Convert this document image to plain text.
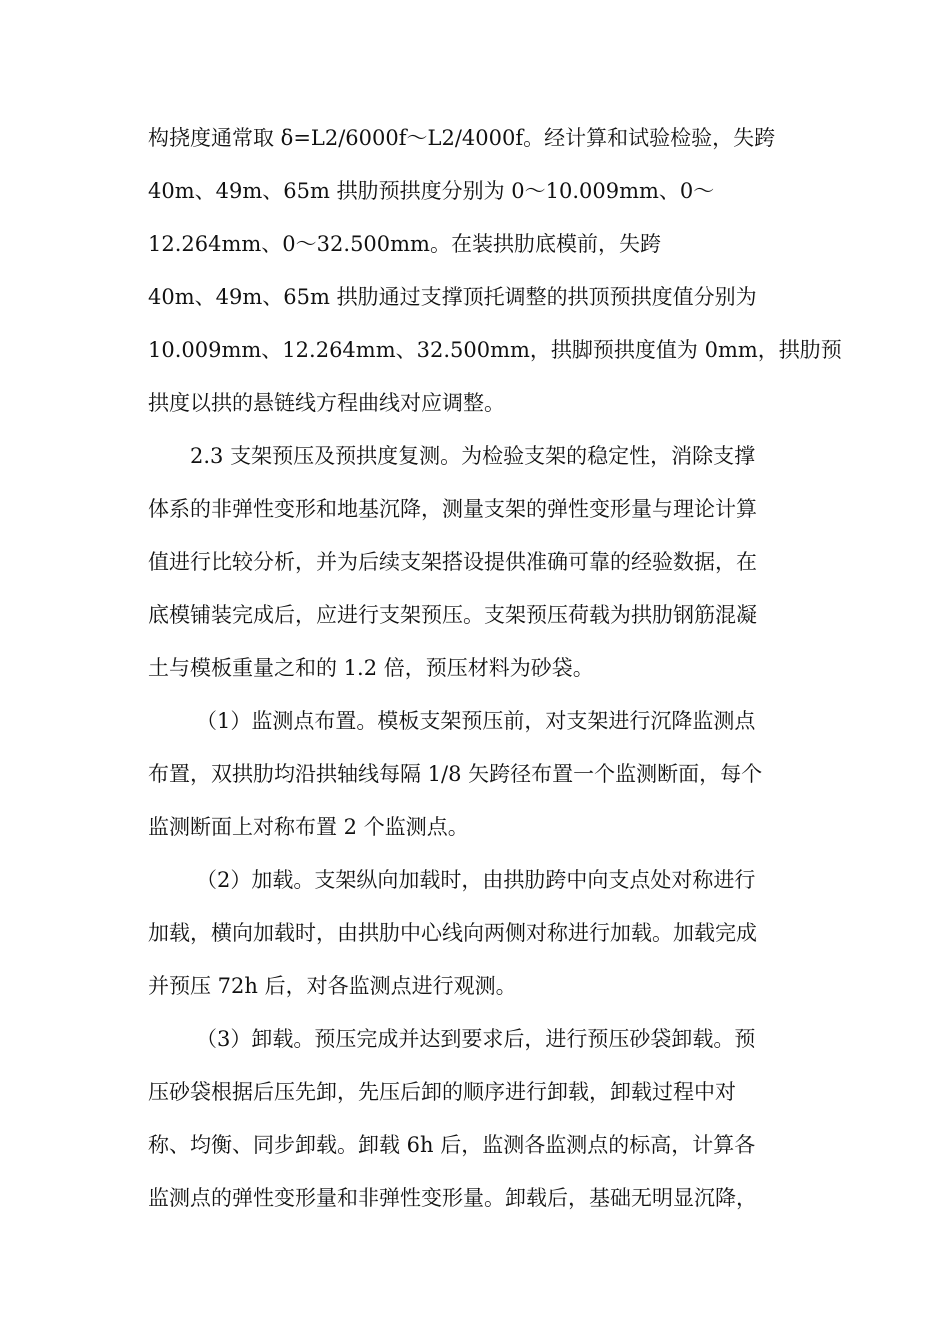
构挠度通常取 δ=L2/6000f～L2/4000f。经计算和试验检验，失跨
40m、49m、65m 拱肋预拱度分别为 0～10.009mm、0～
12.264mm、0～32.500mm。在装拱肋底模前，失跨
40m、49m、65m 拱肋通过支撑顶托调整的拱顶预拱度值分别为
10.009mm、12.264mm、32.500mm，拱脚预拱度值为 0mm，拱肋预
拱度以拱的悬链线方程曲线对应调整。
2.3 支架预压及预拱度复测。为检验支架的稳定性，消除支撑
体系的非弹性变形和地基沉降，测量支架的弹性变形量与理论计算
值进行比较分析，并为后续支架搭设提供准确可靠的经验数据，在
底模铺装完成后，应进行支架预压。支架预压荷载为拱肋钢筋混凝
土与模板重量之和的 1.2 倍，预压材料为砂袋。
（1）监测点布置。模板支架预压前，对支架进行沉降监测点
布置，双拱肋均沿拱轴线每隔 1/8 矢跨径布置一个监测断面，每个
监测断面上对称布置 2 个监测点。
（2）加载。支架纵向加载时，由拱肋跨中向支点处对称进行
加载，横向加载时，由拱肋中心线向两侧对称进行加载。加载完成
并预压 72h 后，对各监测点进行观测。
（3）卸载。预压完成并达到要求后，进行预压砂袋卸载。预
压砂袋根据后压先卸，先压后卸的顺序进行卸载，卸载过程中对
称、均衡、同步卸载。卸载 6h 后，监测各监测点的标高，计算各
监测点的弹性变形量和非弹性变形量。卸载后，基础无明显沉降，
